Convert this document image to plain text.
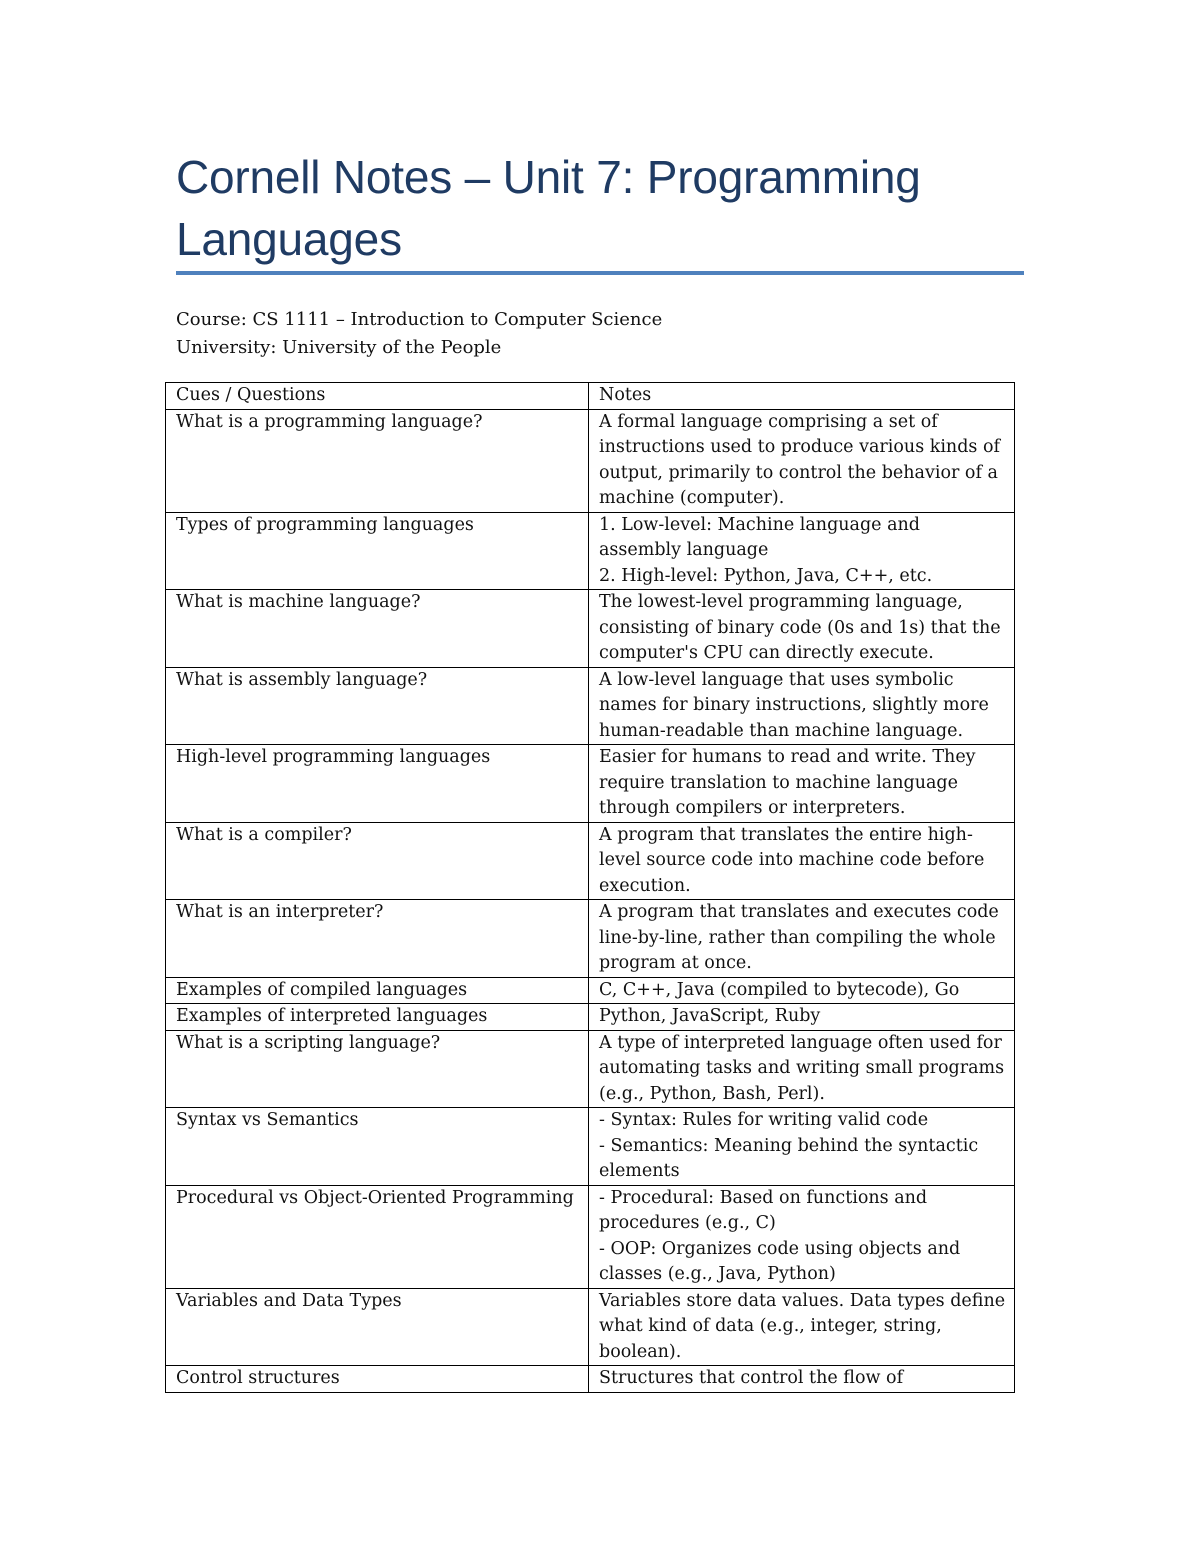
Cornell Notes – Unit 7: Programming Languages
Course: CS 1111 – Introduction to Computer Science
University: University of the People
Cues / Questions	Notes
What is a programming language?	A formal language comprising a set of instructions used to produce various kinds of output, primarily to control the behavior of a machine (computer).

Types of programming languages	1. Low-level: Machine language and assembly language
2. High-level: Python, Java, C++, etc.

What is machine language?	The lowest-level programming language, consisting of binary code (0s and 1s) that the computer's CPU can directly execute.

What is assembly language?	A low-level language that uses symbolic names for binary instructions, slightly more human-readable than machine language.

High-level programming languages	Easier for humans to read and write. They require translation to machine language through compilers or interpreters.

What is a compiler?	A program that translates the entire high-level source code into machine code before execution.

What is an interpreter?	A program that translates and executes code line-by-line, rather than compiling the whole program at once.

Examples of compiled languages	C, C++, Java (compiled to bytecode), Go

Examples of interpreted languages	Python, JavaScript, Ruby

What is a scripting language?	A type of interpreted language often used for automating tasks and writing small programs (e.g., Python, Bash, Perl).

Syntax vs Semantics	- Syntax: Rules for writing valid code
- Semantics: Meaning behind the syntactic elements

Procedural vs Object-Oriented Programming	- Procedural: Based on functions and procedures (e.g., C)
- OOP: Organizes code using objects and classes (e.g., Java, Python)

Variables and Data Types	Variables store data values. Data types define what kind of data (e.g., integer, string, boolean).

Control structures	Structures that control the flow of
